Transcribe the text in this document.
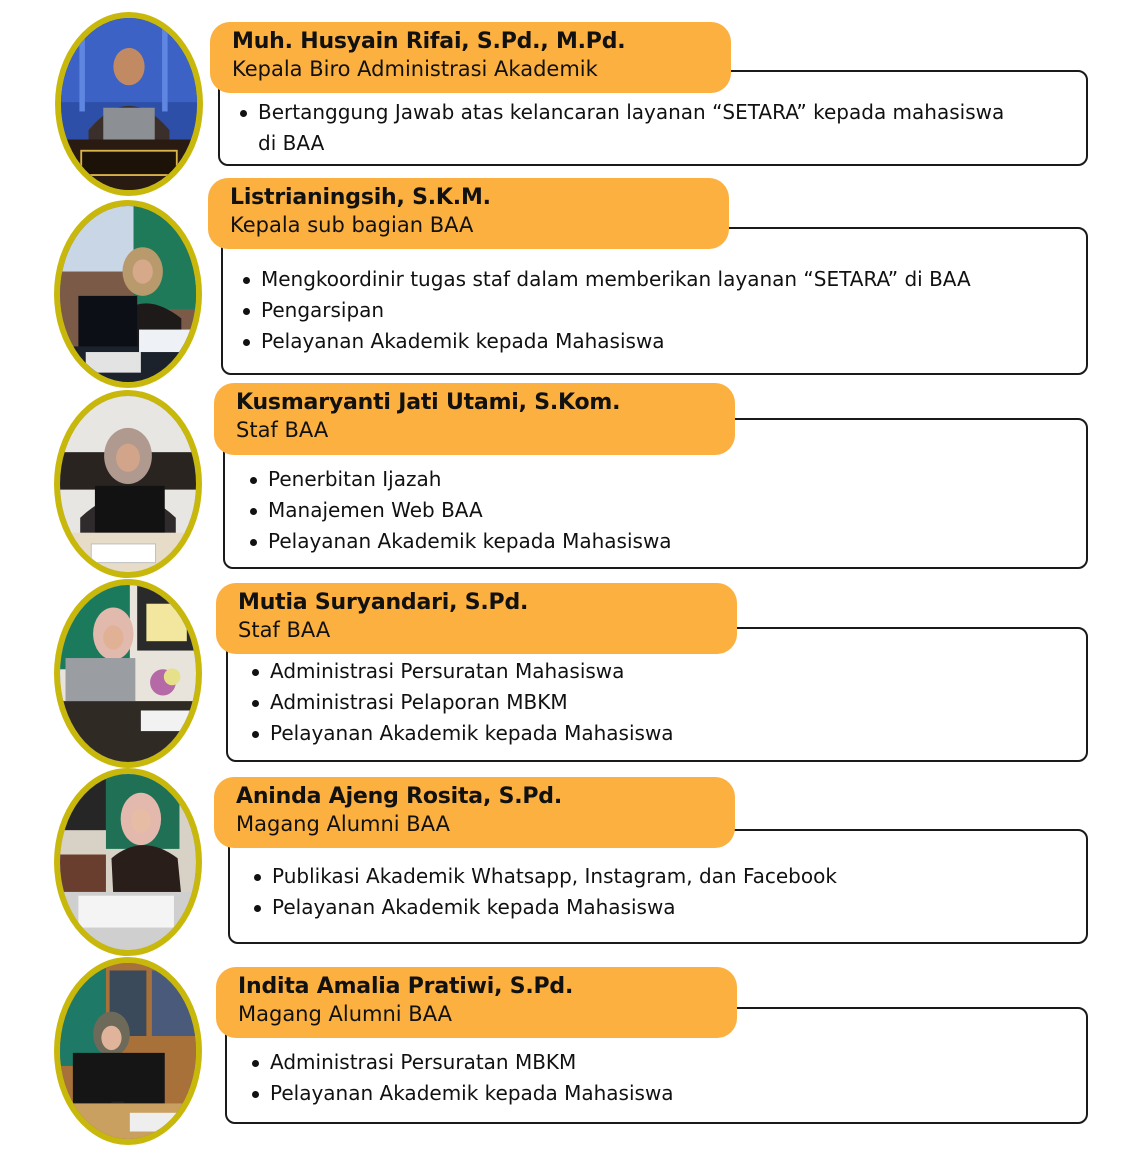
Muh. Husyain Rifai, S.Pd., M.Pd.
Kepala Biro Administrasi Akademik
Bertanggung Jawab atas kelancaran layanan “SETARA” kepada mahasiswa di BAA
Listrianingsih, S.K.M.
Kepala sub bagian BAA
Mengkoordinir tugas staf dalam memberikan layanan “SETARA” di BAA
Pengarsipan
Pelayanan Akademik kepada Mahasiswa
Kusmaryanti Jati Utami, S.Kom.
Staf BAA
Penerbitan Ijazah
Manajemen Web BAA
Pelayanan Akademik kepada Mahasiswa
Mutia Suryandari, S.Pd.
Staf BAA
Administrasi Persuratan Mahasiswa
Administrasi Pelaporan MBKM
Pelayanan Akademik kepada Mahasiswa
Aninda Ajeng Rosita, S.Pd.
Magang Alumni BAA
Publikasi Akademik Whatsapp, Instagram, dan Facebook
Pelayanan Akademik kepada Mahasiswa
Indita Amalia Pratiwi, S.Pd.
Magang Alumni BAA
Administrasi Persuratan MBKM
Pelayanan Akademik kepada Mahasiswa
